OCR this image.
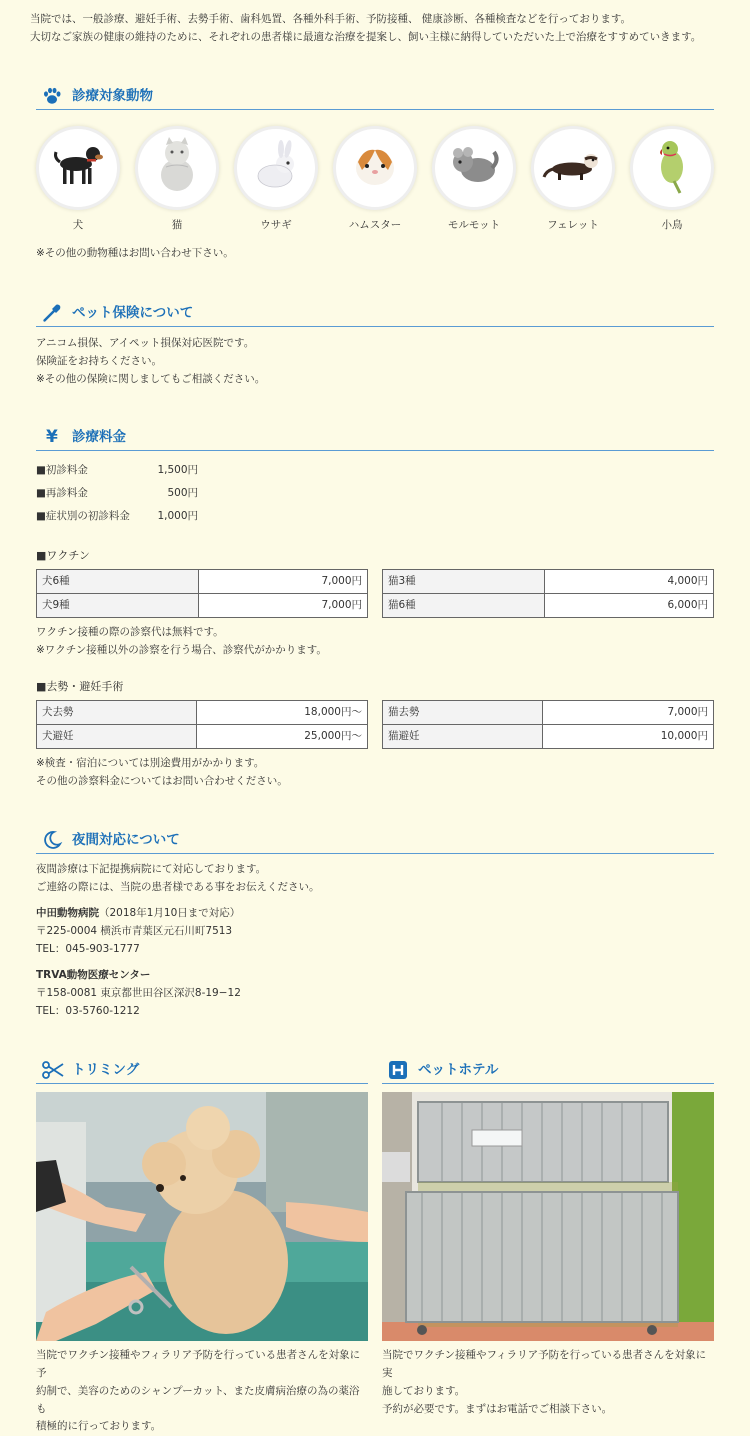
当院では、一般診療、避妊手術、去勢手術、歯科処置、各種外科手術、予防接種、 健康診断、各種検査などを行っております。
大切なご家族の健康の維持のために、それぞれの患者様に最適な治療を提案し、飼い主様に納得していただいた上で治療をすすめていきます。
診療対象動物
犬	猫	ウサギ	ハムスター	モルモット	フェレット	小鳥
※その他の動物種はお問い合わせ下さい。
ペット保険について
アニコム損保、アイペット損保対応医院です。
保険証をお持ちください。
※その他の保険に関しましてもご相談ください。
¥	診療料金
■初診料金	1,500円
■再診料金	500円
■症状別の初診料金	1,000円
■ワクチン
犬6種	7,000円
犬9種	7,000円
猫3種	4,000円
猫6種	6,000円
ワクチン接種の際の診察代は無料です。
※ワクチン接種以外の診察を行う場合、診察代がかかります。
■去勢・避妊手術
犬去勢	18,000円〜
犬避妊	25,000円〜
猫去勢	7,000円
猫避妊	10,000円
※検査・宿泊については別途費用がかかります。
その他の診察料金についてはお問い合わせください。
夜間対応について
夜間診療は下記提携病院にて対応しております。
ご連絡の際には、当院の患者様である事をお伝えください。
中田動物病院（2018年1月10日まで対応）
〒225-0004 横浜市青葉区元石川町7513
TEL：045-903-1777
TRVA動物医療センター
〒158-0081 東京都世田谷区深沢8-19−12
TEL：03-5760-1212
トリミング
当院でワクチン接種やフィラリア予防を行っている患者さんを対象に予
約制で、美容のためのシャンプーカット、また皮膚病治療の為の薬浴も
積極的に行っております。
ペットホテル
当院でワクチン接種やフィラリア予防を行っている患者さんを対象に実
施しております。
予約が必要です。まずはお電話でご相談下さい。
